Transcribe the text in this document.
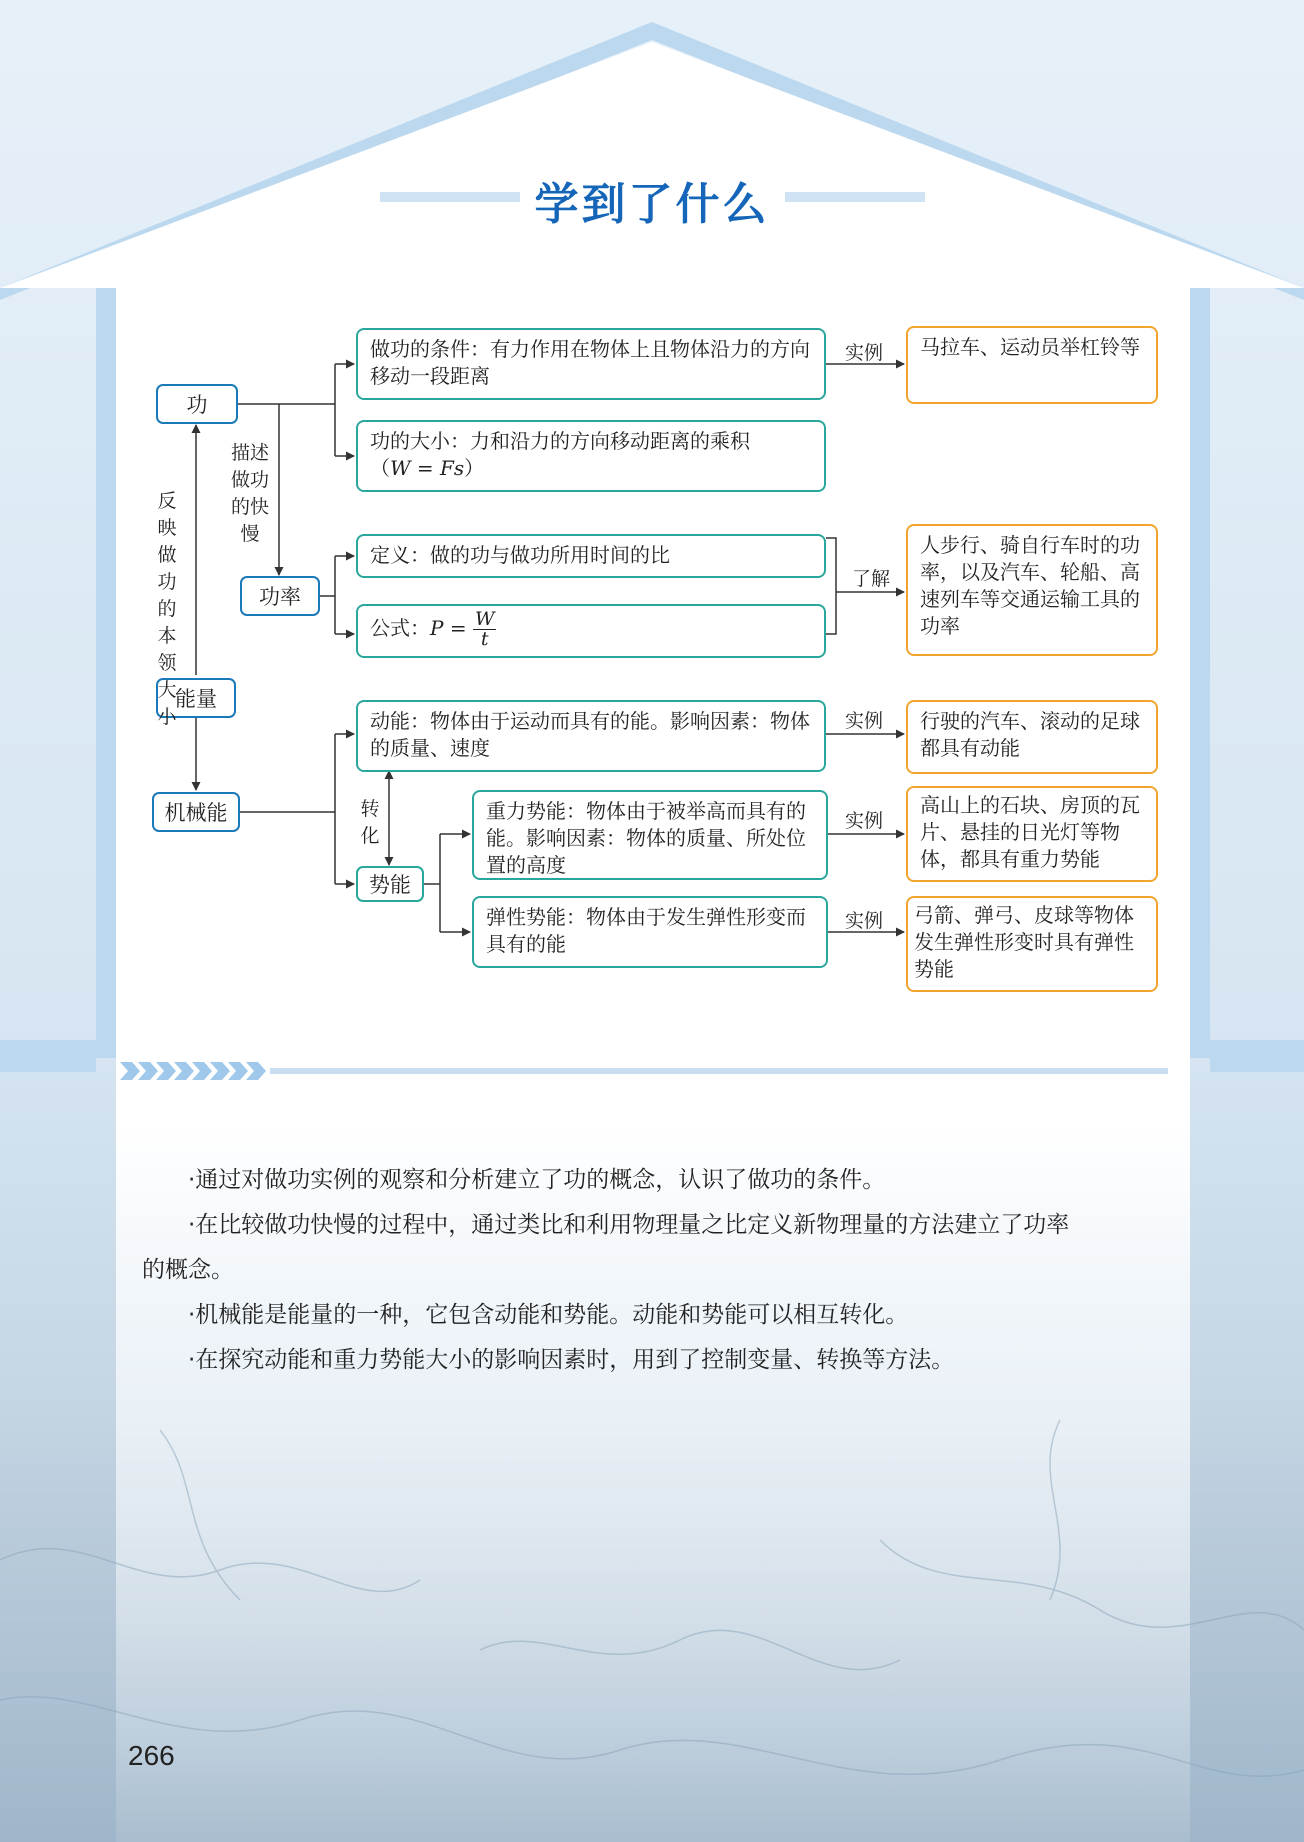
学到了什么
功
功率
能量
机械能
势能
反映做功的本领大小
描述做功的快慢
转化
实例
了解
实例
实例
实例
做功的条件：有力作用在物体上且物体沿力的方向移动一段距离
功的大小：力和沿力的方向移动距离的乘积
（W = Fs）
定义：做的功与做功所用时间的比
公式：$P = \frac{W}{t}$
动能：物体由于运动而具有的能。影响因素：物体的质量、速度
重力势能：物体由于被举高而具有的能。影响因素：物体的质量、所处位置的高度
弹性势能：物体由于发生弹性形变而具有的能
马拉车、运动员举杠铃等
人步行、骑自行车时的功率，以及汽车、轮船、高速列车等交通运输工具的功率
行驶的汽车、滚动的足球都具有动能
高山上的石块、房顶的瓦片、悬挂的日光灯等物体，都具有重力势能
弓箭、弹弓、皮球等物体发生弹性形变时具有弹性势能

·通过对做功实例的观察和分析建立了功的概念，认识了做功的条件。

·在比较做功快慢的过程中，通过类比和利用物理量之比定义新物理量的方法建立了功率

的概念。

·机械能是能量的一种，它包含动能和势能。动能和势能可以相互转化。

·在探究动能和重力势能大小的影响因素时，用到了控制变量、转换等方法。

266
